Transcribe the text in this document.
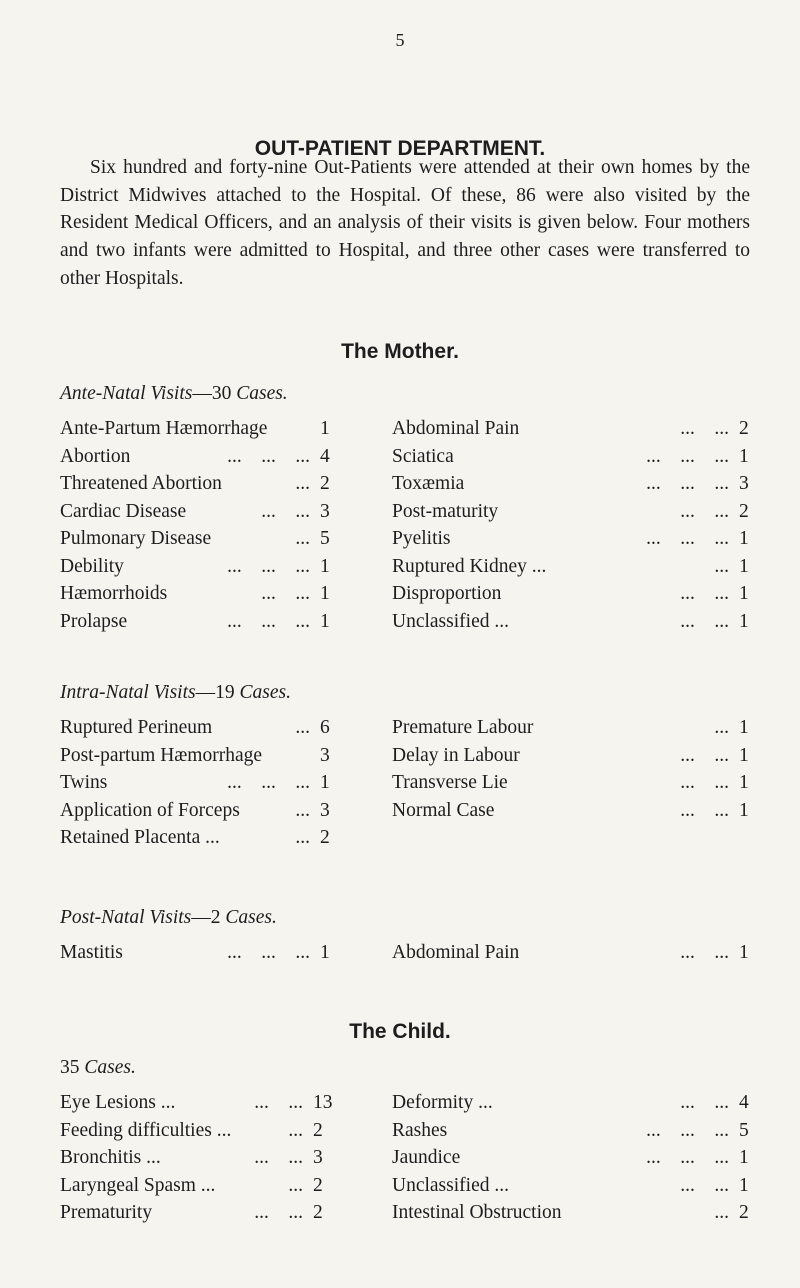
5
OUT-PATIENT DEPARTMENT.

Six hundred and forty-nine Out-Patients were attended at their own homes by the District Midwives attached to the Hospital. Of these, 86 were also visited by the Resident Medical Officers, and an analysis of their visits is given below. Four mothers and two infants were admitted to Hospital, and three other cases were transferred to other Hospitals.

The Mother.
Ante-Natal Visits—30 Cases.
Ante-Partum Hæmorrhage	1	Abdominal Pain	...    ... 2
Abortion	...    ...    ... 4	Sciatica	...    ...    ... 1
Threatened Abortion	... 2	Toxæmia	...    ...    ... 3
Cardiac Disease	...    ... 3	Post-maturity	...    ... 2
Pulmonary Disease	... 5	Pyelitis	...    ...    ... 1
Debility	...    ...    ... 1	Ruptured Kidney ...	... 1
Hæmorrhoids	...    ... 1	Disproportion	...    ... 1
Prolapse	...    ...    ... 1	Unclassified ...	...    ... 1
Intra-Natal Visits—19 Cases.
Ruptured Perineum	... 6	Premature Labour	... 1
Post-partum Hæmorrhage	3	Delay in Labour	...    ... 1
Twins	...    ...    ... 1	Transverse Lie	...    ... 1
Application of Forceps	... 3	Normal Case	...    ... 1
Retained Placenta ...	... 2
Post-Natal Visits—2 Cases.
Mastitis	...    ...    ... 1	Abdominal Pain	...    ... 1
The Child.
35 Cases.
Eye Lesions ...	...    ... 13	Deformity ...	...    ... 4
Feeding difficulties ...	... 2	Rashes	...    ...    ... 5
Bronchitis ...	...    ... 3	Jaundice	...    ...    ... 1
Laryngeal Spasm ...	... 2	Unclassified ...	...    ... 1
Prematurity	...    ... 2	Intestinal Obstruction	... 2
